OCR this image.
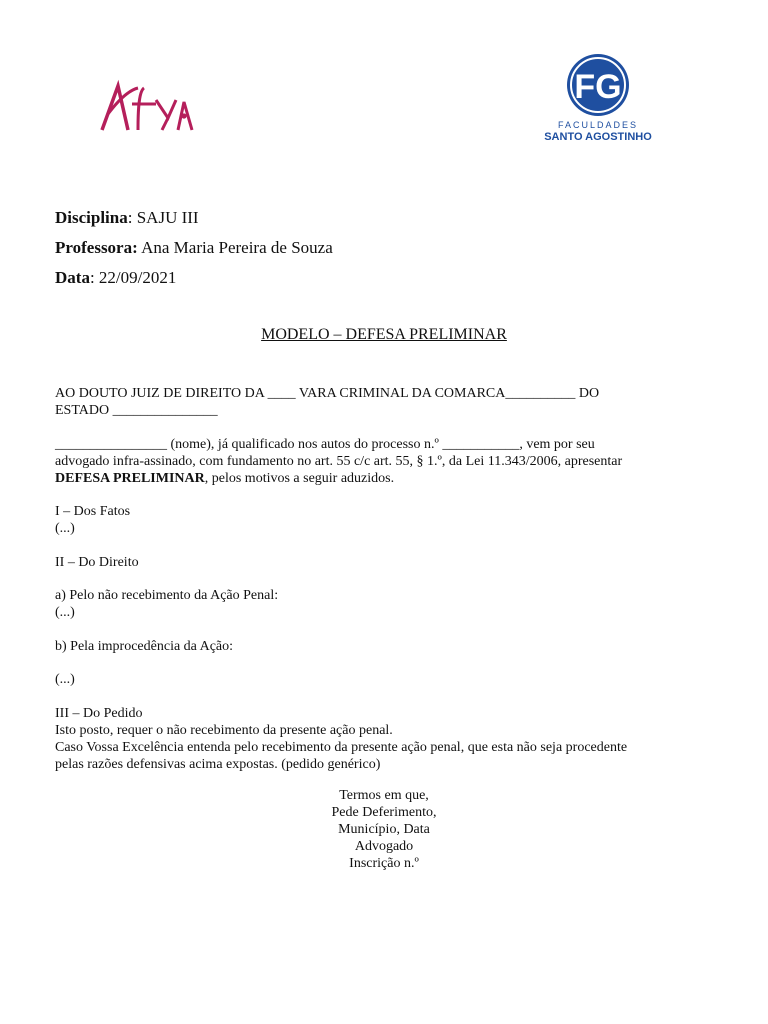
FG
FACULDADES
SANTO AGOSTINHO
Disciplina: SAJU III
Professora: Ana Maria Pereira de Souza
Data: 22/09/2021
MODELO – DEFESA PRELIMINAR
AO DOUTO JUIZ DE DIREITO DA ____ VARA CRIMINAL DA COMARCA__________ DO
ESTADO _______________
________________ (nome), já qualificado nos autos do processo n.º ___________, vem por seu
advogado infra-assinado, com fundamento no art. 55 c/c art. 55, § 1.º, da Lei 11.343/2006, apresentar
DEFESA PRELIMINAR, pelos motivos a seguir aduzidos.
I – Dos Fatos
(...)
II – Do Direito
a) Pelo não recebimento da Ação Penal:
(...)
b) Pela improcedência da Ação:
(...)
III – Do Pedido
Isto posto, requer o não recebimento da presente ação penal.
Caso Vossa Excelência entenda pelo recebimento da presente ação penal, que esta não seja procedente
pelas razões defensivas acima expostas. (pedido genérico)
Termos em que,
Pede Deferimento,
Município, Data
Advogado
Inscrição n.º
